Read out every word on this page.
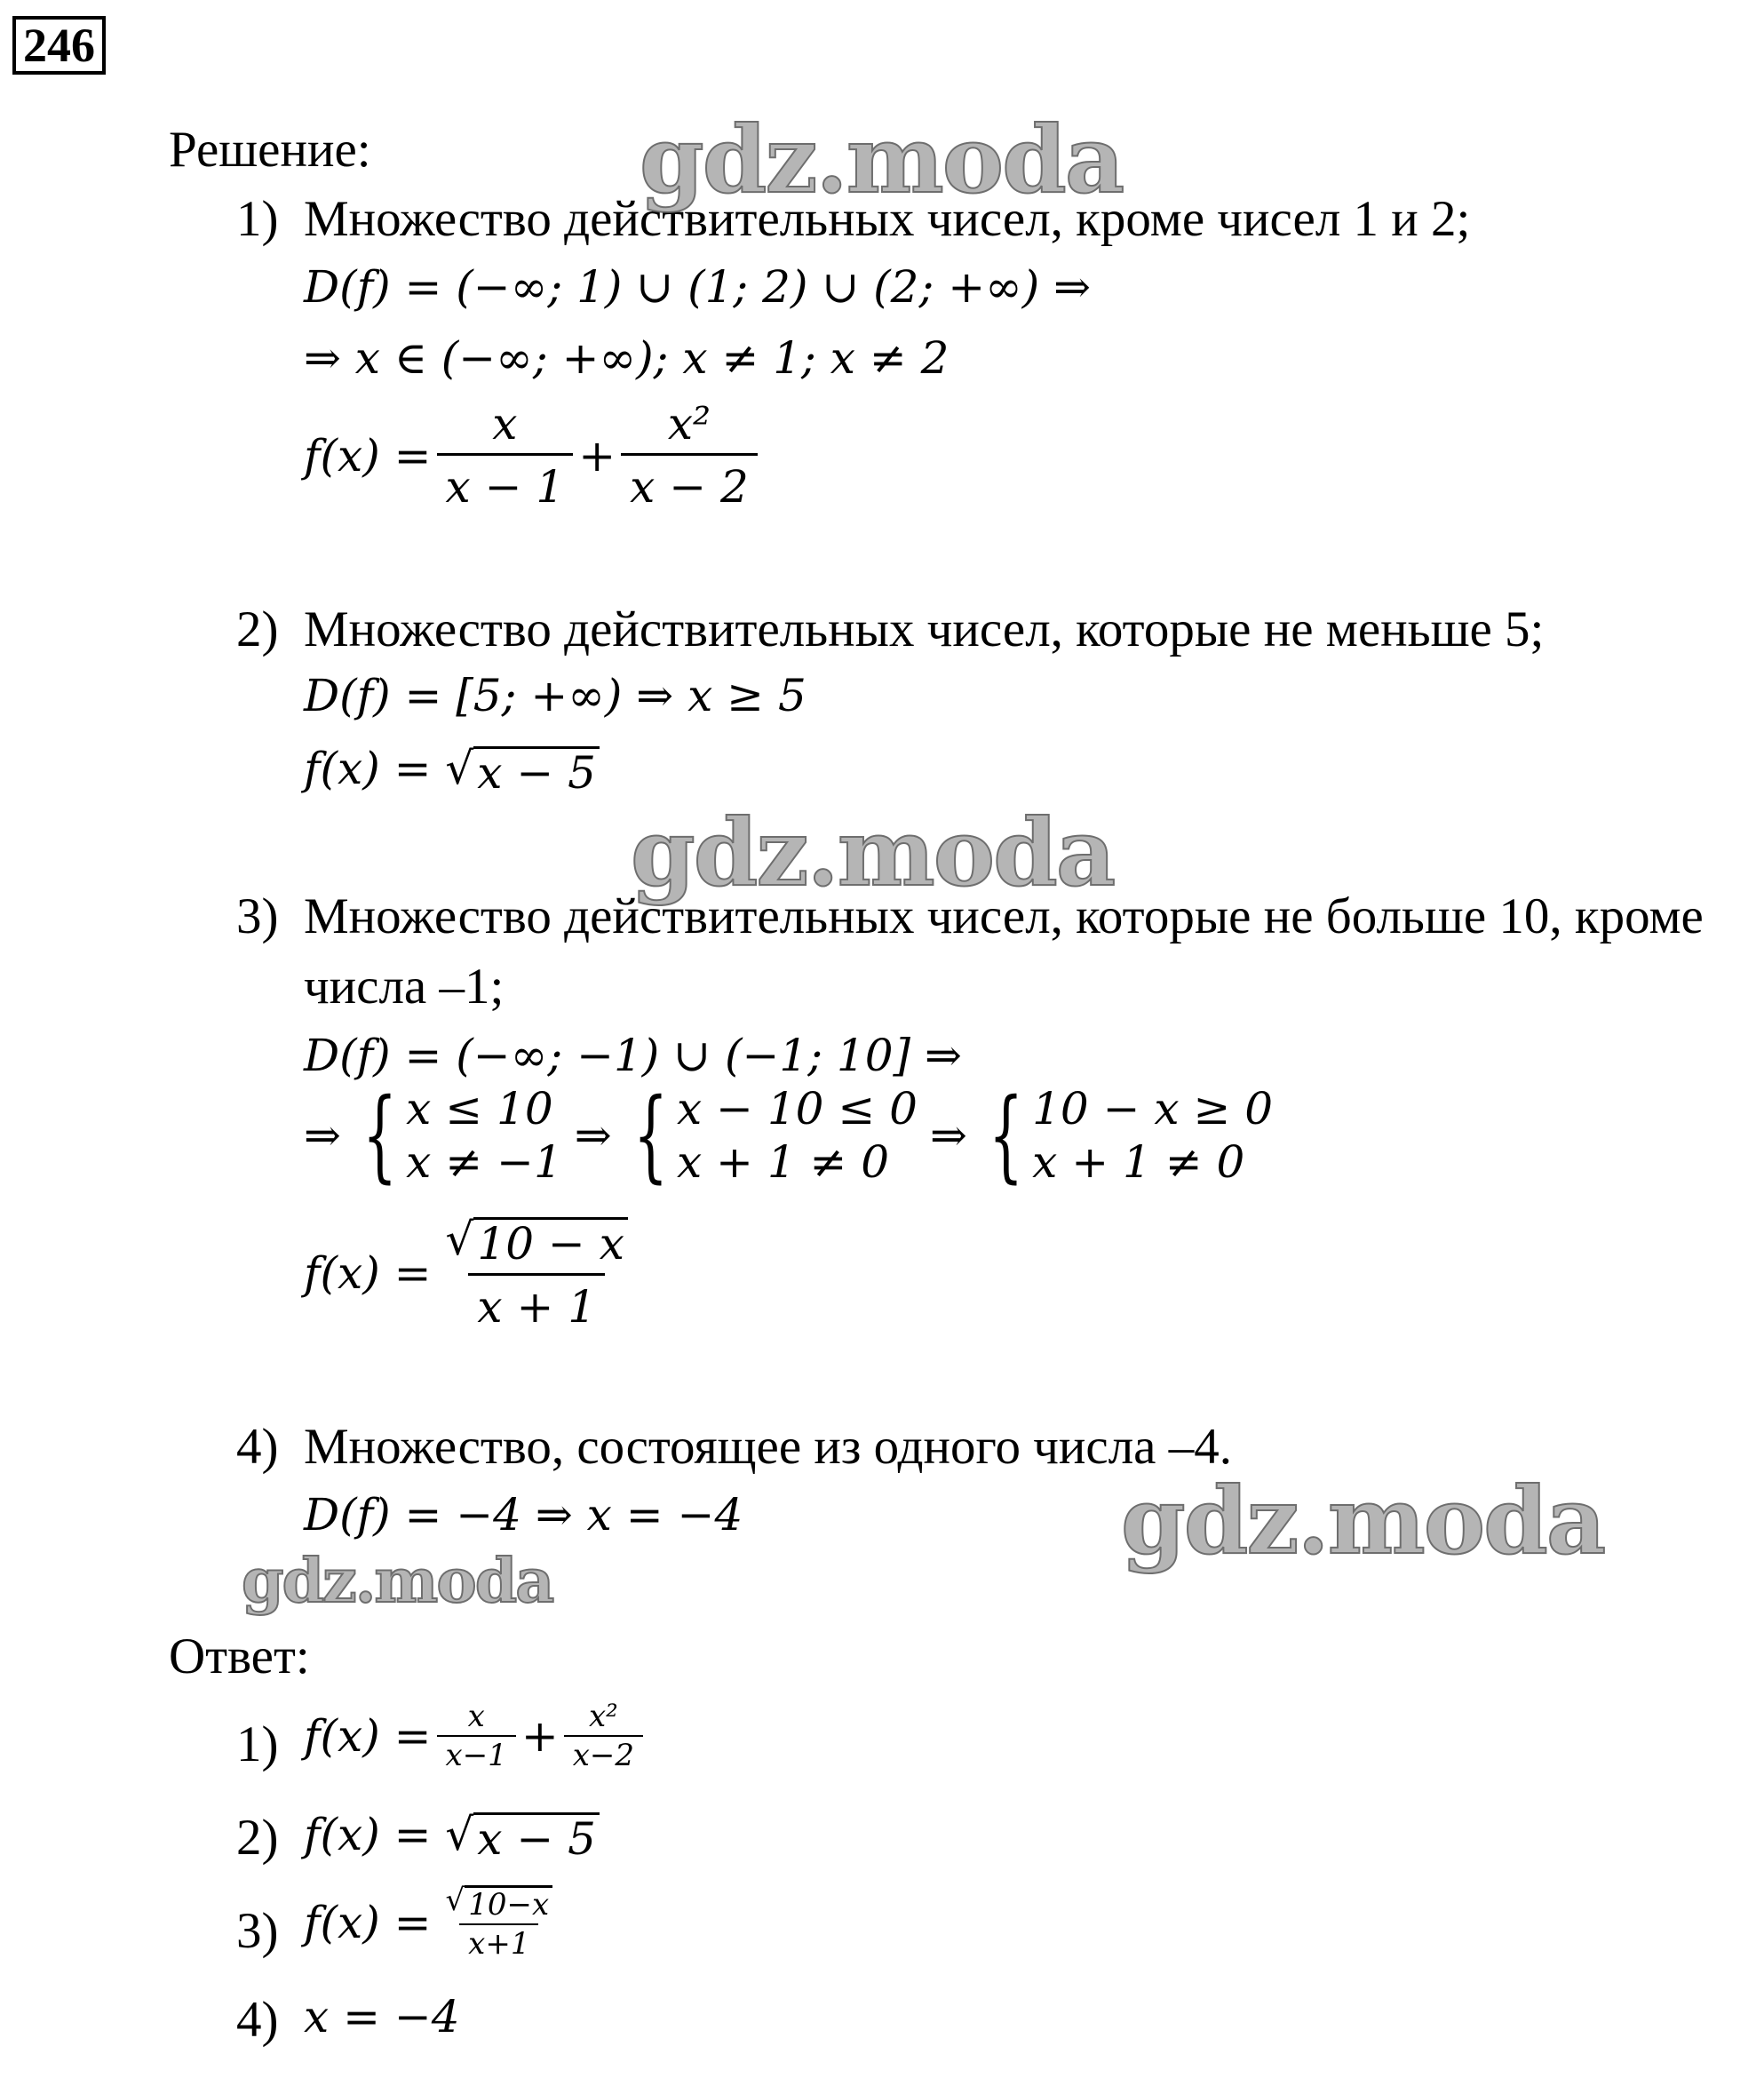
246
Решение:
1) Множество действительных чисел, кроме чисел 1 и 2;
D(f) = (−∞; 1) ∪ (1; 2) ∪ (2; +∞) ⇒
⇒ x ∈ (−∞; +∞); x ≠ 1; x ≠ 2
$f(x) = \frac{x}{x - 1} + \frac{\text{x²}}{x - 2}$
2) Множество действительных чисел, которые не меньше 5;
D(f) = [5; +∞) ⇒ x ≥ 5
f(x) =
√ x − 5
3) Множество действительных чисел, которые не больше 10, кроме
числа –1;
D(f) = (−∞; −1) ∪ (−1; 10] ⇒
⇒ { x ≤ 10
x ≠ −1
⇒ { x − 10 ≤ 0
x + 1 ≠ 0
⇒ { 10 − x ≥ 0
x + 1 ≠ 0
$f(x) = \frac{√ 10 - x}{x + 1}$
4) Множество, состоящее из одного числа –4.
D(f) = −4 ⇒ x = −4
Ответ:
1) $f(x) = \frac{x}{x-1} + \frac{\text{x²}}{x-2}$
2) f(x) =
√ x − 5
3) $f(x) = \frac{√ 10-x}{x+1}$
4) x = −4
gdz.moda
gdz.moda
gdz.moda
gdz.moda
